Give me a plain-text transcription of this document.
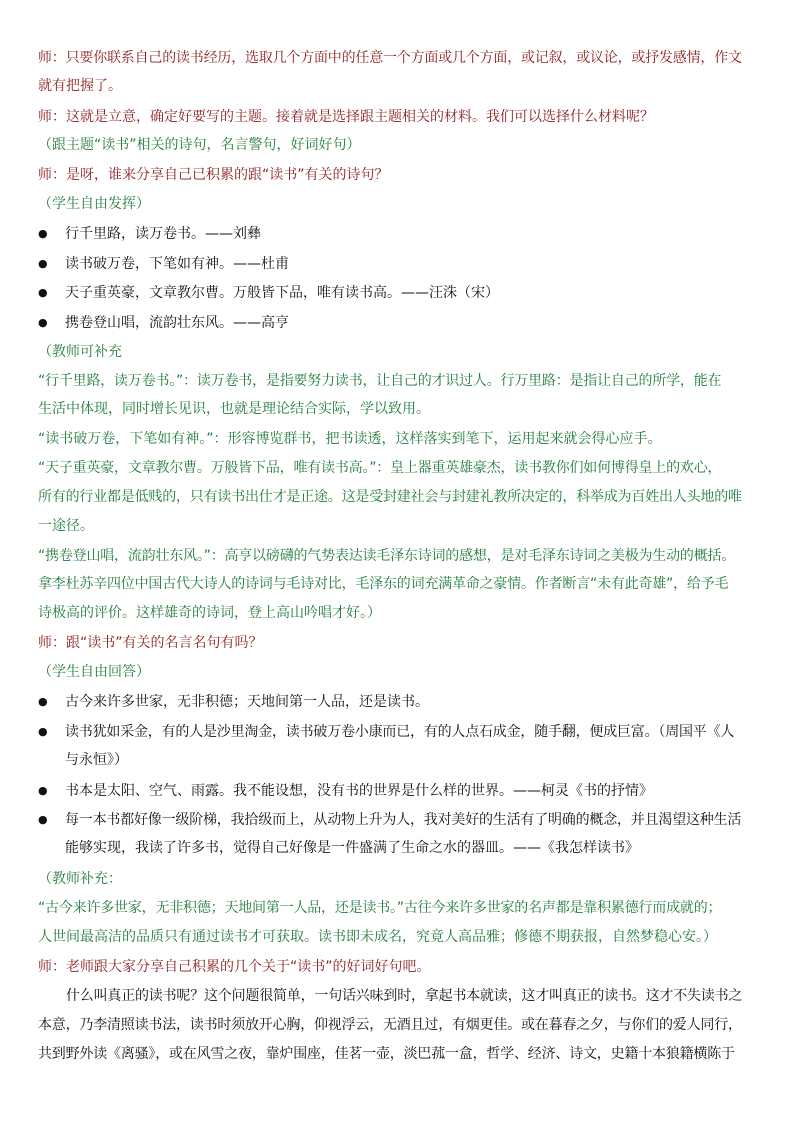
师：只要你联系自己的读书经历，选取几个方面中的任意一个方面或几个方面，或记叙，或议论，或抒发感情，作文
就有把握了。
师：这就是立意，确定好要写的主题。接着就是选择跟主题相关的材料。我们可以选择什么材料呢？
（跟主题“读书”相关的诗句，名言警句，好词好句）
师：是呀，谁来分享自己已积累的跟“读书”有关的诗句？
（学生自由发挥）
● 行千里路，读万卷书。——刘彝
● 读书破万卷，下笔如有神。——杜甫
● 天子重英豪，文章教尔曹。万般皆下品，唯有读书高。——汪洙（宋）
● 携卷登山唱，流韵壮东风。——高亨
（教师可补充
“行千里路，读万卷书。”：读万卷书，是指要努力读书，让自己的才识过人。行万里路：是指让自己的所学，能在
生活中体现，同时增长见识，也就是理论结合实际，学以致用。
“读书破万卷，下笔如有神。”：形容博览群书，把书读透，这样落实到笔下，运用起来就会得心应手。
“天子重英豪，文章教尔曹。万般皆下品，唯有读书高。”：皇上器重英雄豪杰，读书教你们如何博得皇上的欢心，
所有的行业都是低贱的，只有读书出仕才是正途。这是受封建社会与封建礼教所决定的，科举成为百姓出人头地的唯
一途径。
“携卷登山唱，流韵壮东风。”：高亨以磅礴的气势表达读毛泽东诗词的感想，是对毛泽东诗词之美极为生动的概括。
拿李杜苏辛四位中国古代大诗人的诗词与毛诗对比，毛泽东的词充满革命之豪情。作者断言“未有此奇雄”，给予毛
诗极高的评价。这样雄奇的诗词，登上高山吟唱才好。）
师：跟“读书”有关的名言名句有吗？
（学生自由回答）
● 古今来许多世家，无非积德；天地间第一人品，还是读书。
● 读书犹如采金，有的人是沙里淘金，读书破万卷小康而已，有的人点石成金，随手翻，便成巨富。（周国平《人
与永恒》）
● 书本是太阳、空气、雨露。我不能设想，没有书的世界是什么样的世界。——柯灵《书的抒情》
● 每一本书都好像一级阶梯，我拾级而上，从动物上升为人，我对美好的生活有了明确的概念，并且渴望这种生活
能够实现，我读了许多书，觉得自己好像是一件盛满了生命之水的器皿。——《我怎样读书》
（教师补充：
“古今来许多世家，无非积德；天地间第一人品，还是读书。”古往今来许多世家的名声都是靠积累德行而成就的；
人世间最高洁的品质只有通过读书才可获取。读书即未成名，究竟人高品雅；修德不期获报，自然梦稳心安。）
师：老师跟大家分享自己积累的几个关于“读书”的好词好句吧。
什么叫真正的读书呢？这个问题很简单，一句话兴味到时，拿起书本就读，这才叫真正的读书。这才不失读书之
本意，乃李清照读书法，读书时须放开心胸，仰视浮云，无酒且过，有烟更佳。或在暮春之夕，与你们的爱人同行，
共到野外读《离骚》，或在风雪之夜，靠炉围座，佳茗一壶，淡巴菰一盒，哲学、经济、诗文，史籍十本狼籍横陈于
